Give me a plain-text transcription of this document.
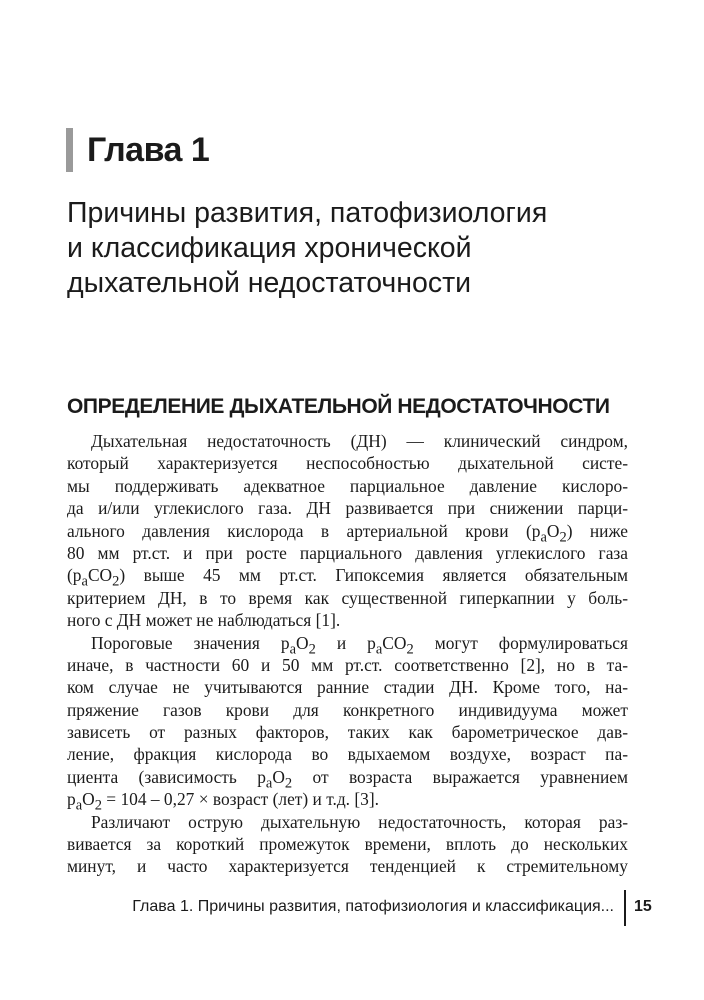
Глава 1
Причины развития, патофизиология
и классификация хронической
дыхательной недостаточности
ОПРЕДЕЛЕНИЕ ДЫХАТЕЛЬНОЙ НЕДОСТАТОЧНОСТИ
Дыхательная недостаточность (ДН) — клинический синдром,
который характеризуется неспособностью дыхательной систе-
мы поддерживать адекватное парциальное давление кислоро-
да и/или углекислого газа. ДН развивается при снижении парци-
ального давления кислорода в артериальной крови $(p_aO_2)$ ниже
80 мм рт.ст. и при росте парциального давления углекислого газа
$(p_aCO_2)$ выше 45 мм рт.ст. Гипоксемия является обязательным
критерием ДН, в то время как существенной гиперкапнии у боль-
ного с ДН может не наблюдаться [1].
Пороговые значения $p_aO_2$ и $p_aCO_2$ могут формулироваться
иначе, в частности 60 и 50 мм рт.ст. соответственно [2], но в та-
ком случае не учитываются ранние стадии ДН. Кроме того, на-
пряжение газов крови для конкретного индивидуума может
зависеть от разных факторов, таких как барометрическое дав-
ление, фракция кислорода во вдыхаемом воздухе, возраст па-
циента (зависимость $p_aO_2$ от возраста выражается уравнением
$p_aO_2 = 104 - 0,27$ × возраст (лет) и т.д. [3].
Различают острую дыхательную недостаточность, которая раз-
вивается за короткий промежуток времени, вплоть до нескольких
минут, и часто характеризуется тенденцией к стремительному
Глава 1. Причины развития, патофизиология и классификация... 15
